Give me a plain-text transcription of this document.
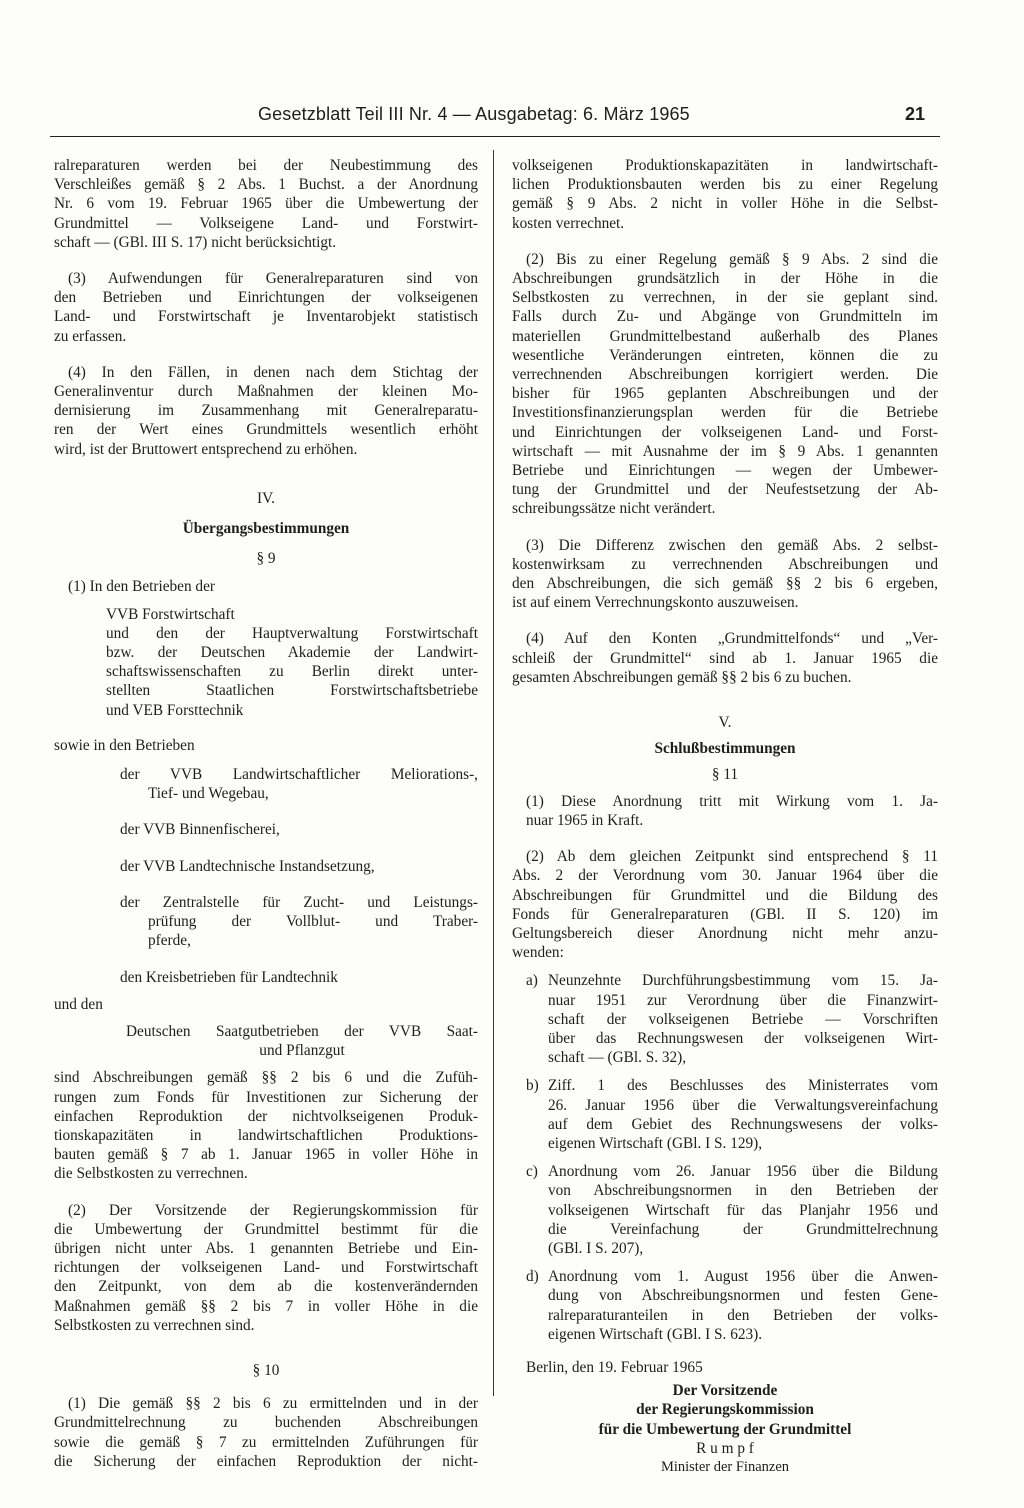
Gesetzblatt Teil III Nr. 4 — Ausgabetag: 6. März 1965	21
ralreparaturen werden bei der Neubestimmung des
Verschleißes gemäß § 2 Abs. 1 Buchst. a der Anordnung
Nr. 6 vom 19. Februar 1965 über die Umbewertung der
Grundmittel — Volkseigene Land- und Forstwirt-
schaft — (GBl. III S. 17) nicht berücksichtigt.
(3) Aufwendungen für Generalreparaturen sind von
den Betrieben und Einrichtungen der volkseigenen
Land- und Forstwirtschaft je Inventarobjekt statistisch
zu erfassen.
(4) In den Fällen, in denen nach dem Stichtag der
Generalinventur durch Maßnahmen der kleinen Mo-
dernisierung im Zusammenhang mit Generalreparatu-
ren der Wert eines Grundmittels wesentlich erhöht
wird, ist der Bruttowert entsprechend zu erhöhen.
IV.
Übergangsbestimmungen
§ 9
(1) In den Betrieben der
VVB Forstwirtschaft
und den der Hauptverwaltung Forstwirtschaft
bzw. der Deutschen Akademie der Landwirt-
schaftswissenschaften zu Berlin direkt unter-
stellten Staatlichen Forstwirtschaftsbetriebe
und VEB Forsttechnik
sowie in den Betrieben
der VVB Landwirtschaftlicher Meliorations-,
Tief- und Wegebau,
der VVB Binnenfischerei,
der VVB Landtechnische Instandsetzung,
der Zentralstelle für Zucht- und Leistungs-
prüfung der Vollblut- und Traber-
pferde,
den Kreisbetrieben für Landtechnik
und den
Deutschen Saatgutbetrieben der VVB Saat-
und Pflanzgut
sind Abschreibungen gemäß §§ 2 bis 6 und die Zufüh-
rungen zum Fonds für Investitionen zur Sicherung der
einfachen Reproduktion der nichtvolkseigenen Produk-
tionskapazitäten in landwirtschaftlichen Produktions-
bauten gemäß § 7 ab 1. Januar 1965 in voller Höhe in
die Selbstkosten zu verrechnen.
(2) Der Vorsitzende der Regierungskommission für
die Umbewertung der Grundmittel bestimmt für die
übrigen nicht unter Abs. 1 genannten Betriebe und Ein-
richtungen der volkseigenen Land- und Forstwirtschaft
den Zeitpunkt, von dem ab die kostenverändernden
Maßnahmen gemäß §§ 2 bis 7 in voller Höhe in die
Selbstkosten zu verrechnen sind.
§ 10
(1) Die gemäß §§ 2 bis 6 zu ermittelnden und in der
Grundmittelrechnung zu buchenden Abschreibungen
sowie die gemäß § 7 zu ermittelnden Zuführungen für
die Sicherung der einfachen Reproduktion der nicht-
volkseigenen Produktionskapazitäten in landwirtschaft-
lichen Produktionsbauten werden bis zu einer Regelung
gemäß § 9 Abs. 2 nicht in voller Höhe in die Selbst-
kosten verrechnet.
(2) Bis zu einer Regelung gemäß § 9 Abs. 2 sind die
Abschreibungen grundsätzlich in der Höhe in die
Selbstkosten zu verrechnen, in der sie geplant sind.
Falls durch Zu- und Abgänge von Grundmitteln im
materiellen Grundmittelbestand außerhalb des Planes
wesentliche Veränderungen eintreten, können die zu
verrechnenden Abschreibungen korrigiert werden. Die
bisher für 1965 geplanten Abschreibungen und der
Investitionsfinanzierungsplan werden für die Betriebe
und Einrichtungen der volkseigenen Land- und Forst-
wirtschaft — mit Ausnahme der im § 9 Abs. 1 genannten
Betriebe und Einrichtungen — wegen der Umbewer-
tung der Grundmittel und der Neufestsetzung der Ab-
schreibungssätze nicht verändert.
(3) Die Differenz zwischen den gemäß Abs. 2 selbst-
kostenwirksam zu verrechnenden Abschreibungen und
den Abschreibungen, die sich gemäß §§ 2 bis 6 ergeben,
ist auf einem Verrechnungskonto auszuweisen.
(4) Auf den Konten „Grundmittelfonds“ und „Ver-
schleiß der Grundmittel“ sind ab 1. Januar 1965 die
gesamten Abschreibungen gemäß §§ 2 bis 6 zu buchen.
V.
Schlußbestimmungen
§ 11
(1) Diese Anordnung tritt mit Wirkung vom 1. Ja-
nuar 1965 in Kraft.
(2) Ab dem gleichen Zeitpunkt sind entsprechend § 11
Abs. 2 der Verordnung vom 30. Januar 1964 über die
Abschreibungen für Grundmittel und die Bildung des
Fonds für Generalreparaturen (GBl. II S. 120) im
Geltungsbereich dieser Anordnung nicht mehr anzu-
wenden:
a) Neunzehnte Durchführungsbestimmung vom 15. Ja-
nuar 1951 zur Verordnung über die Finanzwirt-
schaft der volkseigenen Betriebe — Vorschriften
über das Rechnungswesen der volkseigenen Wirt-
schaft — (GBl. S. 32),
b) Ziff. 1 des Beschlusses des Ministerrates vom
26. Januar 1956 über die Verwaltungsvereinfachung
auf dem Gebiet des Rechnungswesens der volks-
eigenen Wirtschaft (GBl. I S. 129),
c) Anordnung vom 26. Januar 1956 über die Bildung
von Abschreibungsnormen in den Betrieben der
volkseigenen Wirtschaft für das Planjahr 1956 und
die Vereinfachung der Grundmittelrechnung
(GBl. I S. 207),
d) Anordnung vom 1. August 1956 über die Anwen-
dung von Abschreibungsnormen und festen Gene-
ralreparaturanteilen in den Betrieben der volks-
eigenen Wirtschaft (GBl. I S. 623).
Berlin, den 19. Februar 1965
Der Vorsitzende
der Regierungskommission
für die Umbewertung der Grundmittel
R u m p f
Minister der Finanzen
